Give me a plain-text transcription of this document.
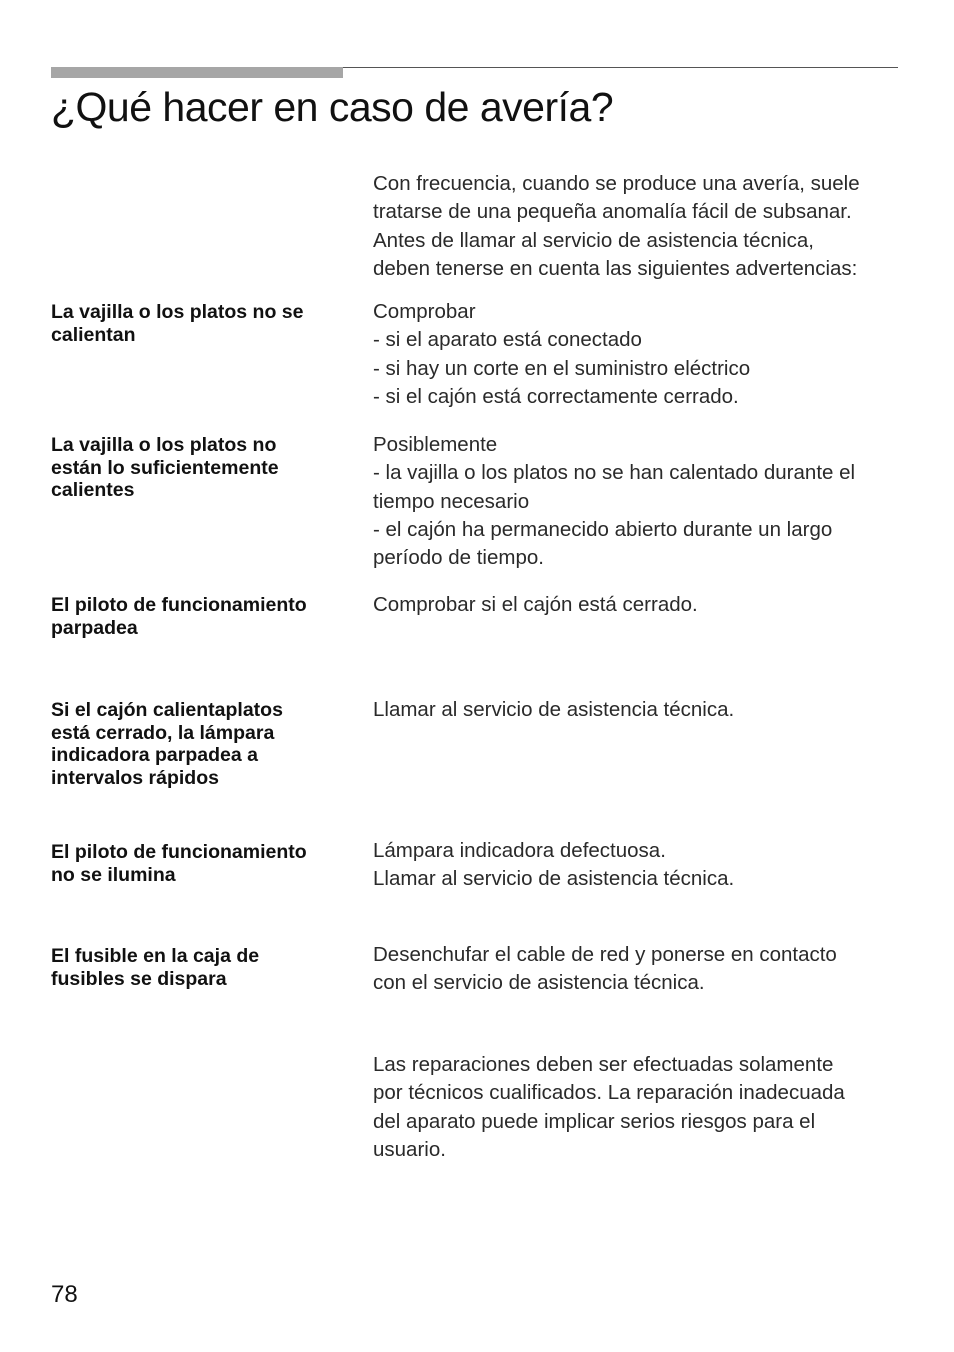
¿Qué hacer en caso de avería?
Con frecuencia, cuando se produce una avería, suele
tratarse de una pequeña anomalía fácil de subsanar.
Antes de llamar al servicio de asistencia técnica,
deben tenerse en cuenta las siguientes advertencias:
La vajilla o los platos no se
calientan
Comprobar
- si el aparato está conectado
- si hay un corte en el suministro eléctrico
- si el cajón está correctamente cerrado.
La vajilla o los platos no
están lo suficientemente
calientes
Posiblemente
- la vajilla o los platos no se han calentado durante el
tiempo necesario
- el cajón ha permanecido abierto durante un largo
período de tiempo.
El piloto de funcionamiento
parpadea
Comprobar si el cajón está cerrado.
Si el cajón calientaplatos
está cerrado, la lámpara
indicadora parpadea a
intervalos rápidos
Llamar al servicio de asistencia técnica.
El piloto de funcionamiento
no se ilumina
Lámpara indicadora defectuosa.
Llamar al servicio de asistencia técnica.
El fusible en la caja de
fusibles se dispara
Desenchufar el cable de red y ponerse en contacto
con el servicio de asistencia técnica.
Las reparaciones deben ser efectuadas solamente
por técnicos cualificados. La reparación inadecuada
del aparato puede implicar serios riesgos para el
usuario.
78
